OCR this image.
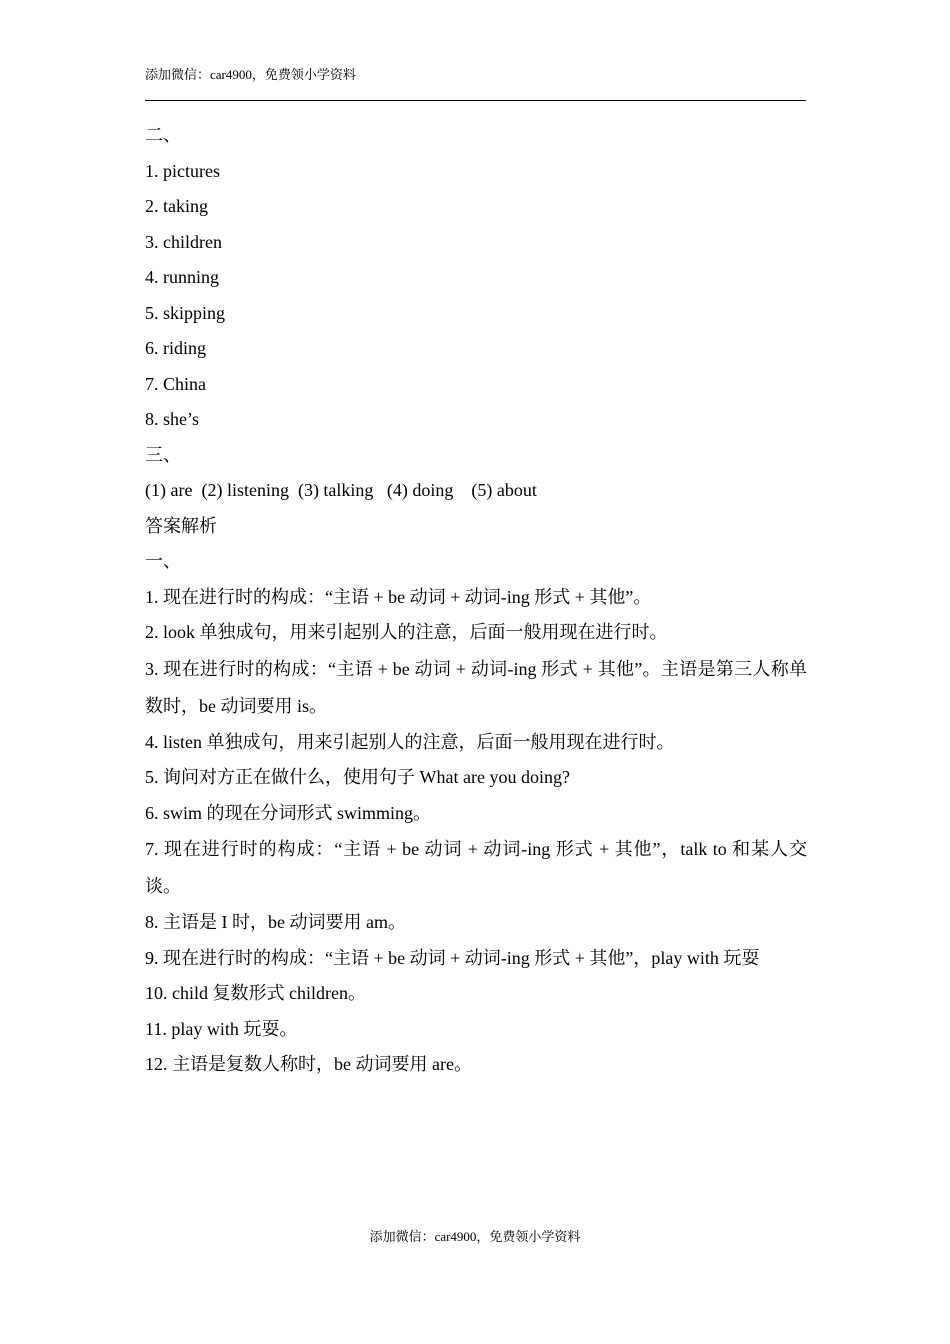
添加微信：car4900，免费领小学资料
二、
1. pictures
2. taking
3. children
4. running
5. skipping
6. riding
7. China
8. she’s
三、
(1) are  (2) listening  (3) talking   (4) doing    (5) about
答案解析
一、
1. 现在进行时的构成：“主语 + be 动词 + 动词-ing 形式 + 其他”。
2. look 单独成句，用来引起别人的注意，后面一般用现在进行时。
3. 现在进行时的构成：“主语 + be 动词 + 动词-ing 形式 + 其他”。主语是第三人称单数时，be 动词要用 is。
4. listen 单独成句，用来引起别人的注意，后面一般用现在进行时。
5. 询问对方正在做什么，使用句子 What are you doing?
6. swim 的现在分词形式 swimming。
7. 现在进行时的构成：“主语 + be 动词 + 动词-ing 形式 + 其他”，talk to 和某人交谈。
8. 主语是 I 时，be 动词要用 am。
9. 现在进行时的构成：“主语 + be 动词 + 动词-ing 形式 + 其他”，play with 玩耍
10. child 复数形式 children。
11. play with 玩耍。
12. 主语是复数人称时，be 动词要用 are。
添加微信：car4900，免费领小学资料
